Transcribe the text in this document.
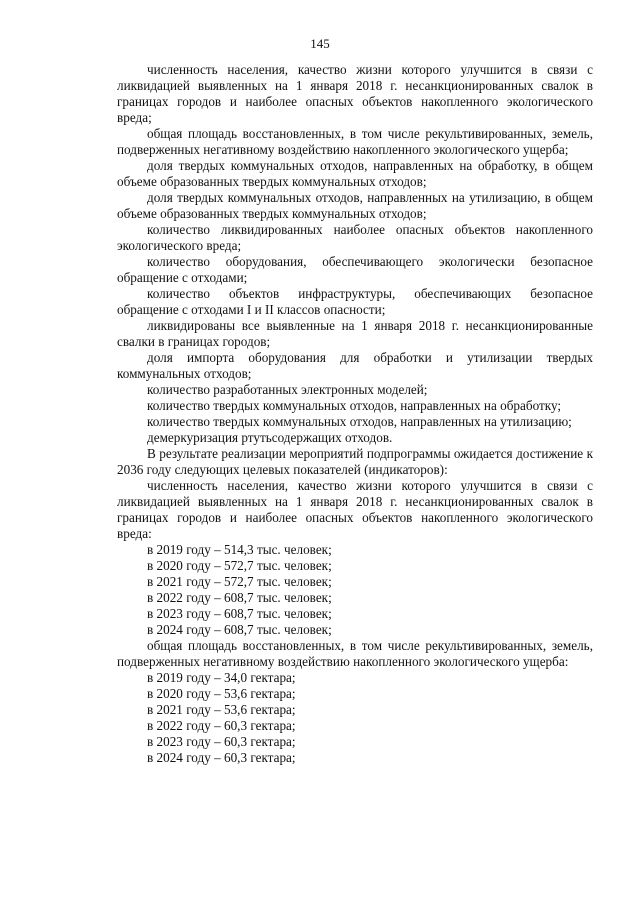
145

численность населения, качество жизни которого улучшится в связи с ликвидацией выявленных на 1 января 2018 г. несанкционированных свалок в границах городов и наиболее опасных объектов накопленного экологического вреда;

общая площадь восстановленных, в том числе рекультивированных, земель, подверженных негативному воздействию накопленного экологического ущерба;

доля твердых коммунальных отходов, направленных на обработку, в общем объеме образованных твердых коммунальных отходов;

доля твердых коммунальных отходов, направленных на утилизацию, в общем объеме образованных твердых коммунальных отходов;

количество ликвидированных наиболее опасных объектов накопленного экологического вреда;

количество оборудования, обеспечивающего экологически безопасное обращение с отходами;

количество объектов инфраструктуры, обеспечивающих безопасное обращение с отходами I и II классов опасности;

ликвидированы все выявленные на 1 января 2018 г. несанкционированные свалки в границах городов;

доля импорта оборудования для обработки и утилизации твердых коммунальных отходов;

количество разработанных электронных моделей;

количество твердых коммунальных отходов, направленных на обработку;

количество твердых коммунальных отходов, направленных на утилизацию;

демеркуризация ртутьсодержащих отходов.

В результате реализации мероприятий подпрограммы ожидается достижение к 2036 году следующих целевых показателей (индикаторов):

численность населения, качество жизни которого улучшится в связи с ликвидацией выявленных на 1 января 2018 г. несанкционированных свалок в границах городов и наиболее опасных объектов накопленного экологического вреда:

в 2019 году – 514,3 тыс. человек;

в 2020 году – 572,7 тыс. человек;

в 2021 году – 572,7 тыс. человек;

в 2022 году – 608,7 тыс. человек;

в 2023 году – 608,7 тыс. человек;

в 2024 году – 608,7 тыс. человек;

общая площадь восстановленных, в том числе рекультивированных, земель, подверженных негативному воздействию накопленного экологического ущерба:

в 2019 году – 34,0 гектара;

в 2020 году – 53,6 гектара;

в 2021 году – 53,6 гектара;

в 2022 году – 60,3 гектара;

в 2023 году – 60,3 гектара;

в 2024 году – 60,3 гектара;
